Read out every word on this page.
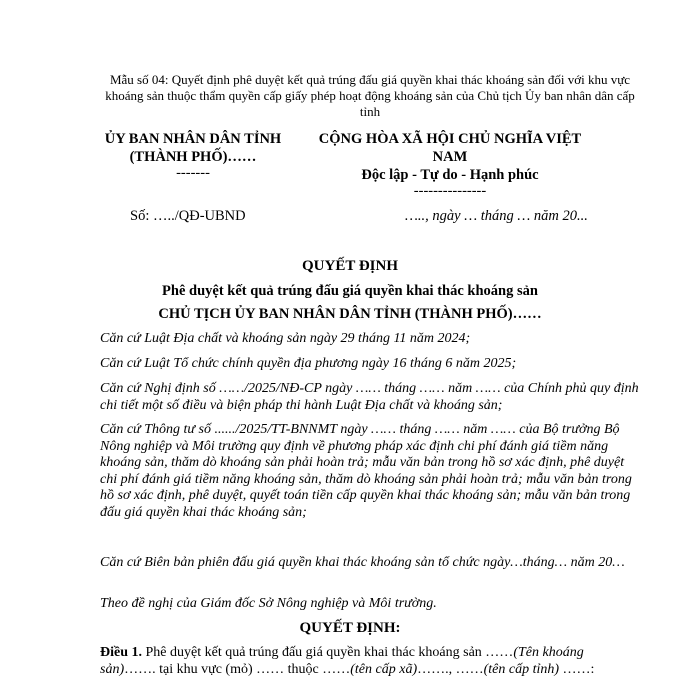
Mẫu số 04: Quyết định phê duyệt kết quả trúng đấu giá quyền khai thác khoáng sản đối với khu vực khoáng sản thuộc thẩm quyền cấp giấy phép hoạt động khoáng sản của Chủ tịch Ủy ban nhân dân cấp tỉnh
ỦY BAN NHÂN DÂN TỈNH
(THÀNH PHỐ)……
-------
CỘNG HÒA XÃ HỘI CHỦ NGHĨA VIỆT NAM
Độc lập - Tự do - Hạnh phúc
---------------
Số: …../QĐ-UBND	….., ngày … tháng … năm 20...
QUYẾT ĐỊNH
Phê duyệt kết quả trúng đấu giá quyền khai thác khoáng sản
CHỦ TỊCH ỦY BAN NHÂN DÂN TỈNH (THÀNH PHỐ)……

Căn cứ Luật Địa chất và khoáng sản ngày 29 tháng 11 năm 2024;

Căn cứ Luật Tổ chức chính quyền địa phương ngày 16 tháng 6 năm 2025;

Căn cứ Nghị định số ……/2025/NĐ-CP ngày …… tháng …… năm …… của Chính phủ quy định chi tiết một số điều và biện pháp thi hành Luật Địa chất và khoáng sản;

Căn cứ Thông tư số ....../2025/TT-BNNMT ngày …… tháng …… năm …… của Bộ trưởng Bộ Nông nghiệp và Môi trường quy định về phương pháp xác định chi phí đánh giá tiềm năng khoáng sản, thăm dò khoáng sản phải hoàn trả; mẫu văn bản trong hồ sơ xác định, phê duyệt chi phí đánh giá tiềm năng khoáng sản, thăm dò khoáng sản phải hoàn trả; mẫu văn bản trong hồ sơ xác định, phê duyệt, quyết toán tiền cấp quyền khai thác khoáng sản; mẫu văn bản trong đấu giá quyền khai thác khoáng sản;

Căn cứ Biên bản phiên đấu giá quyền khai thác khoáng sản tổ chức ngày…tháng… năm 20…

Theo đề nghị của Giám đốc Sở Nông nghiệp và Môi trường.

QUYẾT ĐỊNH:
Điều 1. Phê duyệt kết quả trúng đấu giá quyền khai thác khoáng sản ……(Tên khoáng sản)……. tại khu vực (mỏ) …… thuộc ……(tên cấp xã)……., ……(tên cấp tỉnh) ……:
